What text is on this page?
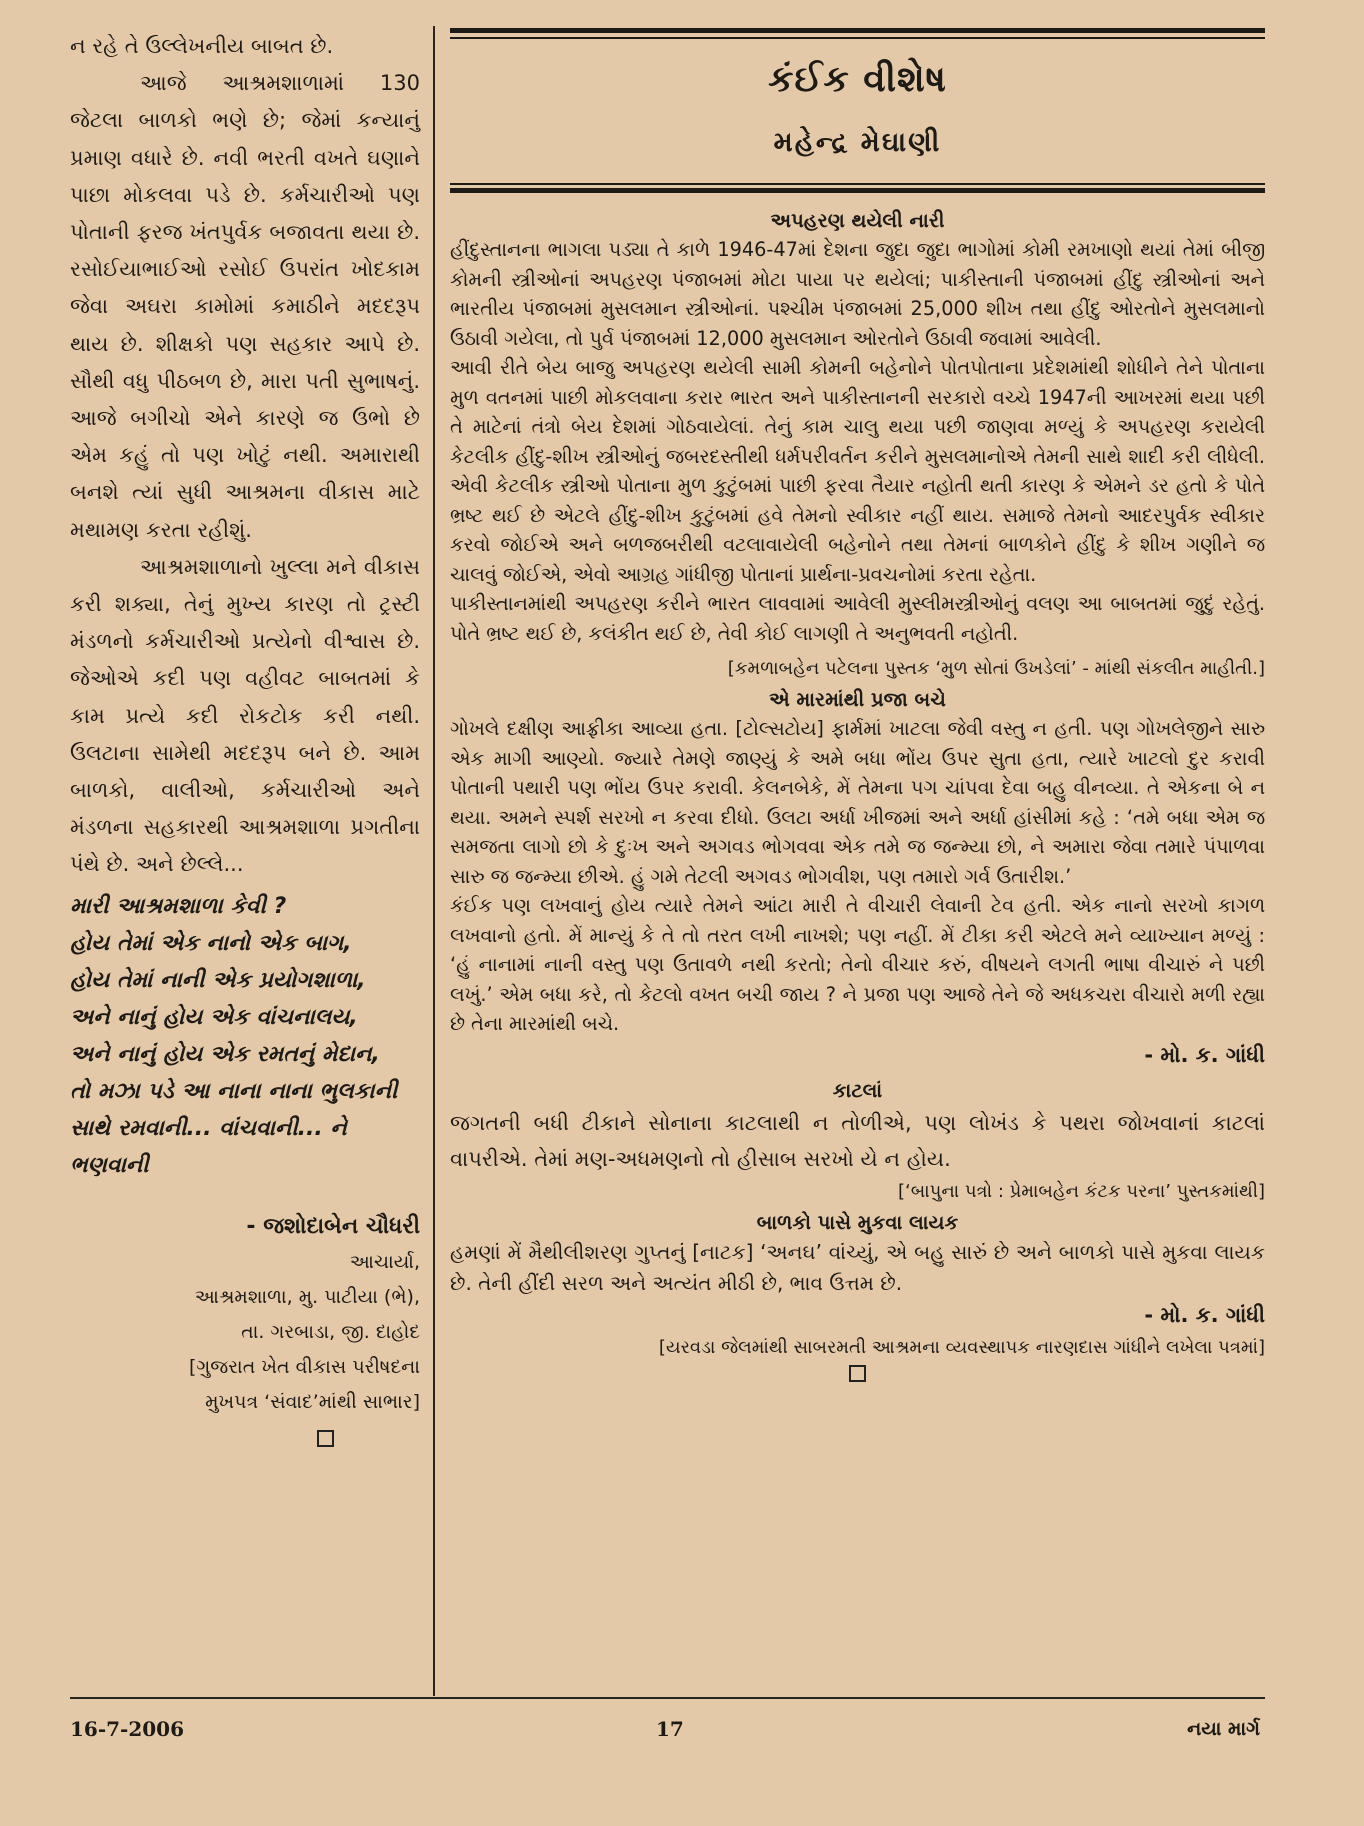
ન રહે તે ઉલ્લેખનીય બાબત છે.

આજે આશ્રમશાળામાં 130 જેટલા બાળકો ભણે છે; જેમાં કન્યાનું પ્રમાણ વધારે છે. નવી ભરતી વખતે ઘણાને પાછા મોકલવા પડે છે. કર્મચારીઓ પણ પોતાની ફરજ ખંતપુર્વક બજાવતા થયા છે. રસોઈયાભાઈઓ રસોઈ ઉપરાંત ખોદકામ જેવા અઘરા કામોમાં કમાઠીને મદદરૂપ થાય છે. શીક્ષકો પણ સહકાર આપે છે. સૌથી વધુ પીઠબળ છે, મારા પતી સુભાષનું. આજે બગીચો એને કારણે જ ઉભો છે એમ કહું તો પણ ખોટું નથી. અમારાથી બનશે ત્યાં સુધી આશ્રમના વીકાસ માટે મથામણ કરતા રહીશું.

આશ્રમશાળાનો ખુલ્લા મને વીકાસ કરી શક્યા, તેનું મુખ્ય કારણ તો ટ્રસ્ટી મંડળનો કર્મચારીઓ પ્રત્યેનો વીશ્વાસ છે. જેઓએ કદી પણ વહીવટ બાબતમાં કે કામ પ્રત્યે કદી રોકટોક કરી નથી. ઉલટાના સામેથી મદદરૂપ બને છે. આમ બાળકો, વાલીઓ, કર્મચારીઓ અને મંડળના સહકારથી આશ્રમશાળા પ્રગતીના પંથે છે. અને છેલ્લે...

મારી આશ્રમશાળા કેવી ?
હોય તેમાં એક નાનો એક બાગ,
હોય તેમાં નાની એક પ્રયોગશાળા,
અને નાનું હોય એક વાંચનાલય,
અને નાનું હોય એક રમતનું મેદાન,
તો મઝા પડે આ નાના નાના ભુલકાની
સાથે રમવાની... વાંચવાની... ને
ભણવાની
- જશોદાબેન ચૌધરી
આચાર્યા,
આશ્રમશાળા, મુ. પાટીયા (ભે),
તા. ગરબાડા, જી. દાહોદ
[ગુજરાત ખેત વીકાસ પરીષદના
મુખપત્ર ‘સંવાદ’માંથી સાભાર]
કંઈક વીશેષ
મહેન્દ્ર મેઘાણી
અપહરણ થયેલી નારી

હીંદુસ્તાનના ભાગલા પડ્યા તે કાળે 1946-47માં દેશના જુદા જુદા ભાગોમાં કોમી રમખાણો થયાં તેમાં બીજી કોમની સ્ત્રીઓનાં અપહરણ પંજાબમાં મોટા પાયા પર થયેલાં; પાકીસ્તાની પંજાબમાં હીંદુ સ્ત્રીઓનાં અને ભારતીય પંજાબમાં મુસલમાન સ્ત્રીઓનાં. પશ્ચીમ પંજાબમાં 25,000 શીખ તથા હીંદુ ઓરતોને મુસલમાનો ઉઠાવી ગયેલા, તો પુર્વ પંજાબમાં 12,000 મુસલમાન ઓરતોને ઉઠાવી જવામાં આવેલી.

આવી રીતે બેય બાજુ અપહરણ થયેલી સામી કોમની બહેનોને પોતપોતાના પ્રદેશમાંથી શોધીને તેને પોતાના મુળ વતનમાં પાછી મોકલવાના કરાર ભારત અને પાકીસ્તાનની સરકારો વચ્ચે 1947ની આખરમાં થયા પછી તે માટેનાં તંત્રો બેય દેશમાં ગોઠવાયેલાં. તેનું કામ ચાલુ થયા પછી જાણવા મળ્યું કે અપહરણ કરાયેલી કેટલીક હીંદુ-શીખ સ્ત્રીઓનું જબરદસ્તીથી ધર્મપરીવર્તન કરીને મુસલમાનોએ તેમની સાથે શાદી કરી લીધેલી. એવી કેટલીક સ્ત્રીઓ પોતાના મુળ કુટુંબમાં પાછી ફરવા તૈયાર નહોતી થતી કારણ કે એમને ડર હતો કે પોતે ભ્રષ્ટ થઈ છે એટલે હીંદુ-શીખ કુટુંબમાં હવે તેમનો સ્વીકાર નહીં થાય. સમાજે તેમનો આદરપુર્વક સ્વીકાર કરવો જોઈએ અને બળજબરીથી વટલાવાયેલી બહેનોને તથા તેમનાં બાળકોને હીંદુ કે શીખ ગણીને જ ચાલવું જોઈએ, એવો આગ્રહ ગાંધીજી પોતાનાં પ્રાર્થના-પ્રવચનોમાં કરતા રહેતા.

પાકીસ્તાનમાંથી અપહરણ કરીને ભારત લાવવામાં આવેલી મુસ્લીમસ્ત્રીઓનું વલણ આ બાબતમાં જુદું રહેતું. પોતે ભ્રષ્ટ થઈ છે, કલંકીત થઈ છે, તેવી કોઈ લાગણી તે અનુભવતી નહોતી.

[કમળાબહેન પટેલના પુસ્તક ‘મુળ સોતાં ઉખડેલાં’ - માંથી સંકલીત માહીતી.]

એ મારમાંથી પ્રજા બચે

ગોખલે દક્ષીણ આફ્રીકા આવ્યા હતા. [ટોલ્સટોય] ફાર્મમાં ખાટલા જેવી વસ્તુ ન હતી. પણ ગોખલેજીને સારુ એક માગી આણ્યો. જ્યારે તેમણે જાણ્યું કે અમે બધા ભોંય ઉપર સુતા હતા, ત્યારે ખાટલો દુર કરાવી પોતાની પથારી પણ ભોંય ઉપર કરાવી. કેલનબેકે, મેં તેમના પગ ચાંપવા દેવા બહુ વીનવ્યા. તે એકના બે ન થયા. અમને સ્પર્શ સરખો ન કરવા દીધો. ઉલટા અર્ધા ખીજમાં અને અર્ધા હાંસીમાં કહે : ‘તમે બધા એમ જ સમજતા લાગો છો કે દુઃખ અને અગવડ ભોગવવા એક તમે જ જન્મ્યા છો, ને અમારા જેવા તમારે પંપાળવા સારુ જ જન્મ્યા છીએ. હું ગમે તેટલી અગવડ ભોગવીશ, પણ તમારો ગર્વ ઉતારીશ.’

કંઈક પણ લખવાનું હોય ત્યારે તેમને આંટા મારી તે વીચારી લેવાની ટેવ હતી. એક નાનો સરખો કાગળ લખવાનો હતો. મેં માન્યું કે તે તો તરત લખી નાખશે; પણ નહીં. મેં ટીકા કરી એટલે મને વ્યાખ્યાન મળ્યું : ‘હું નાનામાં નાની વસ્તુ પણ ઉતાવળે નથી કરતો; તેનો વીચાર કરું, વીષયને લગતી ભાષા વીચારું ને પછી લખું.’ એમ બધા કરે, તો કેટલો વખત બચી જાય ? ને પ્રજા પણ આજે તેને જે અધકચરા વીચારો મળી રહ્યા છે તેના મારમાંથી બચે.

- મો. ક. ગાંધી

કાટલાં

જગતની બધી ટીકાને સોનાના કાટલાથી ન તોળીએ, પણ લોખંડ કે પથરા જોખવાનાં કાટલાં વાપરીએ. તેમાં મણ-અધમણનો તો હીસાબ સરખો યે ન હોય.

[‘બાપુના પત્રો : પ્રેમાબહેન કંટક પરના’ પુસ્તકમાંથી]

બાળકો પાસે મુકવા લાયક

હમણાં મેં મૈથીલીશરણ ગુપ્તનું [નાટક] ‘અનઘ’ વાંચ્યું, એ બહુ સારું છે અને બાળકો પાસે મુકવા લાયક છે. તેની હીંદી સરળ અને અત્યંત મીઠી છે, ભાવ ઉત્તમ છે.

- મો. ક. ગાંધી

[યરવડા જેલમાંથી સાબરમતી આશ્રમના વ્યવસ્થાપક નારણદાસ ગાંધીને લખેલા પત્રમાં]

16-7-2006	17	નયા માર્ગ
